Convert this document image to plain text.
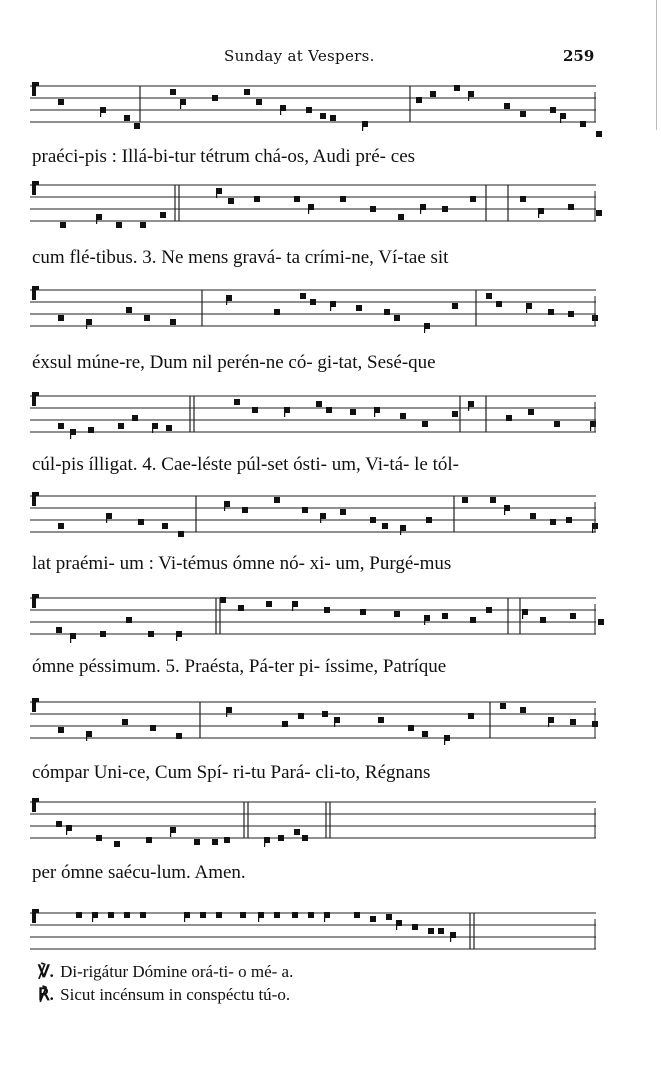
Sunday at Vespers.	259
praéci-pis : Illá-bi-tur tétrum chá-os, Audi pré- ces
cum flé-tibus. 3. Ne mens gravá- ta crími-ne, Ví-tae sit
éxsul múne-re, Dum nil perén-ne có- gi-tat, Sesé-que
cúl-pis ílligat. 4. Cae-léste púl-set ósti- um, Vi-tá- le tól-
lat praémi- um : Vi-témus ómne nó- xi- um, Purgé-mus
ómne péssimum. 5. Praésta, Pá-ter pi- íssime, Patríque
cómpar Uni-ce, Cum Spí- ri-tu Pará- cli-to, Régnans
per ómne saécu-lum. Amen.
℣. Di-rigátur Dómine orá-ti- o mé- a.
℟. Sicut incénsum in conspéctu tú-o.
